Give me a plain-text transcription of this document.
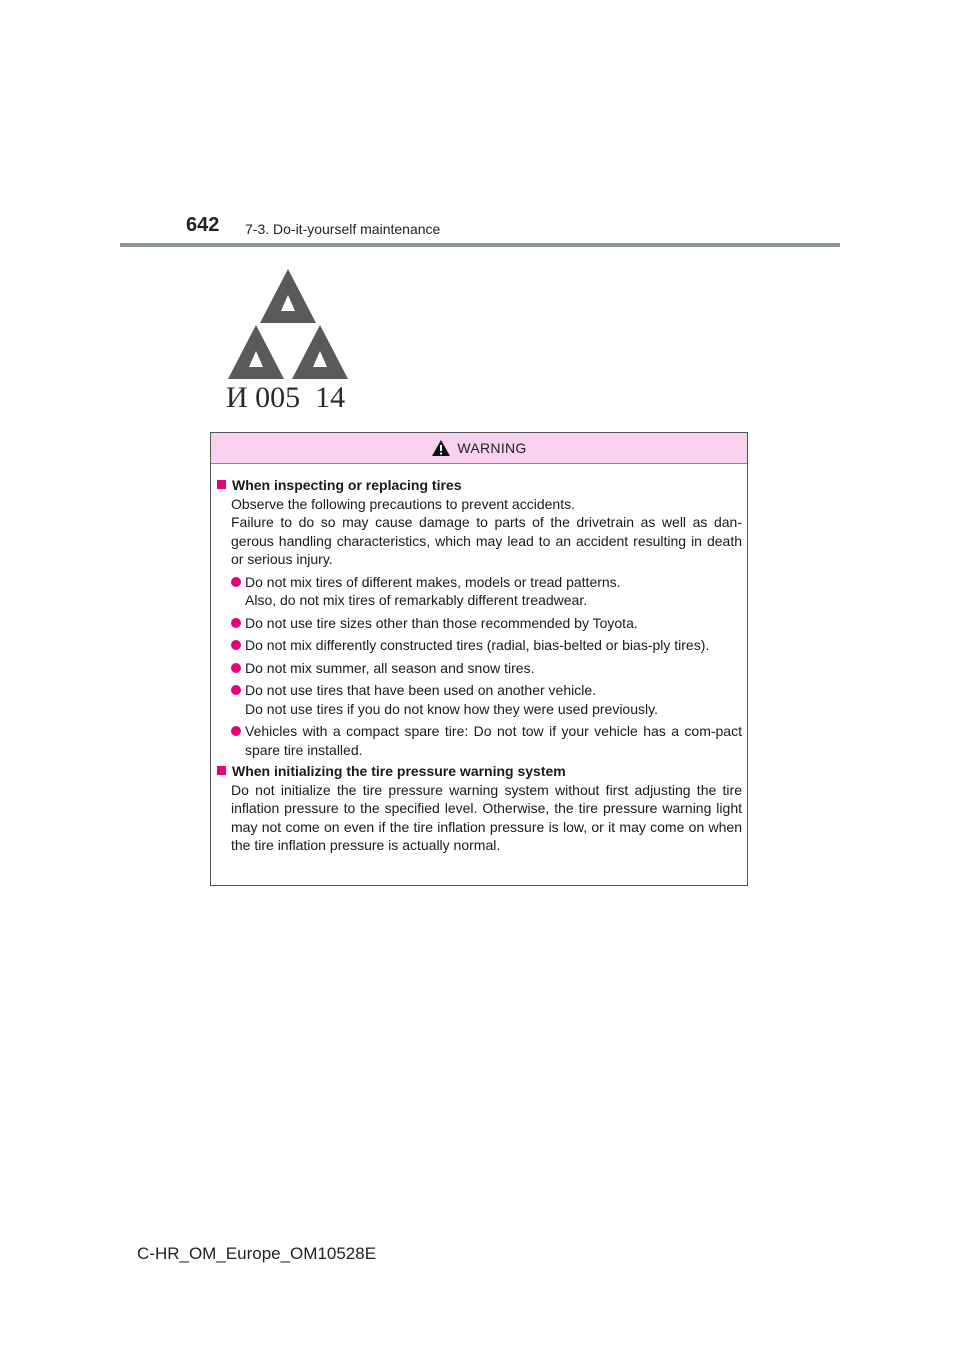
642 7-3. Do-it-yourself maintenance
И 005  14
WARNING
When inspecting or replacing tires
Observe the following precautions to prevent accidents.
Failure to do so may cause damage to parts of the drivetrain as well as dan-gerous handling characteristics, which may lead to an accident resulting in death or serious injury.
Do not mix tires of different makes, models or tread patterns.
Also, do not mix tires of remarkably different treadwear.
Do not use tire sizes other than those recommended by Toyota.
Do not mix differently constructed tires (radial, bias-belted or bias-ply tires).
Do not mix summer, all season and snow tires.
Do not use tires that have been used on another vehicle.
Do not use tires if you do not know how they were used previously.
Vehicles with a compact spare tire: Do not tow if your vehicle has a com-pact spare tire installed.
When initializing the tire pressure warning system
Do not initialize the tire pressure warning system without first adjusting the tire inflation pressure to the specified level. Otherwise, the tire pressure warning light may not come on even if the tire inflation pressure is low, or it may come on when the tire inflation pressure is actually normal.
C-HR_OM_Europe_OM10528E
